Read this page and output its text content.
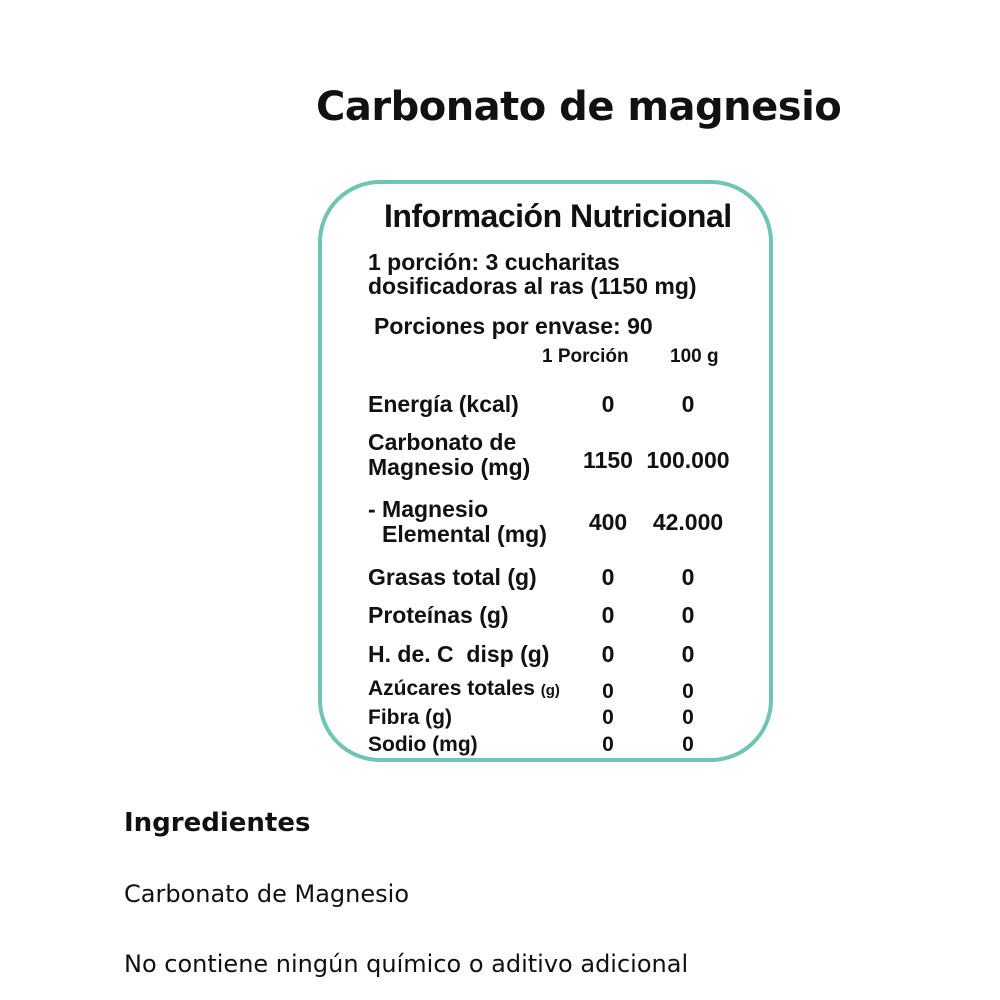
Carbonato de magnesio
Información Nutricional
1 porción: 3 cucharitas
dosificadoras al ras (1150 mg)
Porciones por envase: 90
1 Porción 100 g
Energía (kcal)	0	0
Carbonato de
Magnesio (mg)	1150 100.000
- Magnesio
Elemental (mg)	400	42.000
Grasas total (g)	0	0
Proteínas (g)	0	0
H. de. C  disp (g)	0	0
Azúcares totales (g)	0	0
Fibra (g)	0	0
Sodio (mg)	0	0
Ingredientes
Carbonato de Magnesio
No contiene ningún químico o aditivo adicional
